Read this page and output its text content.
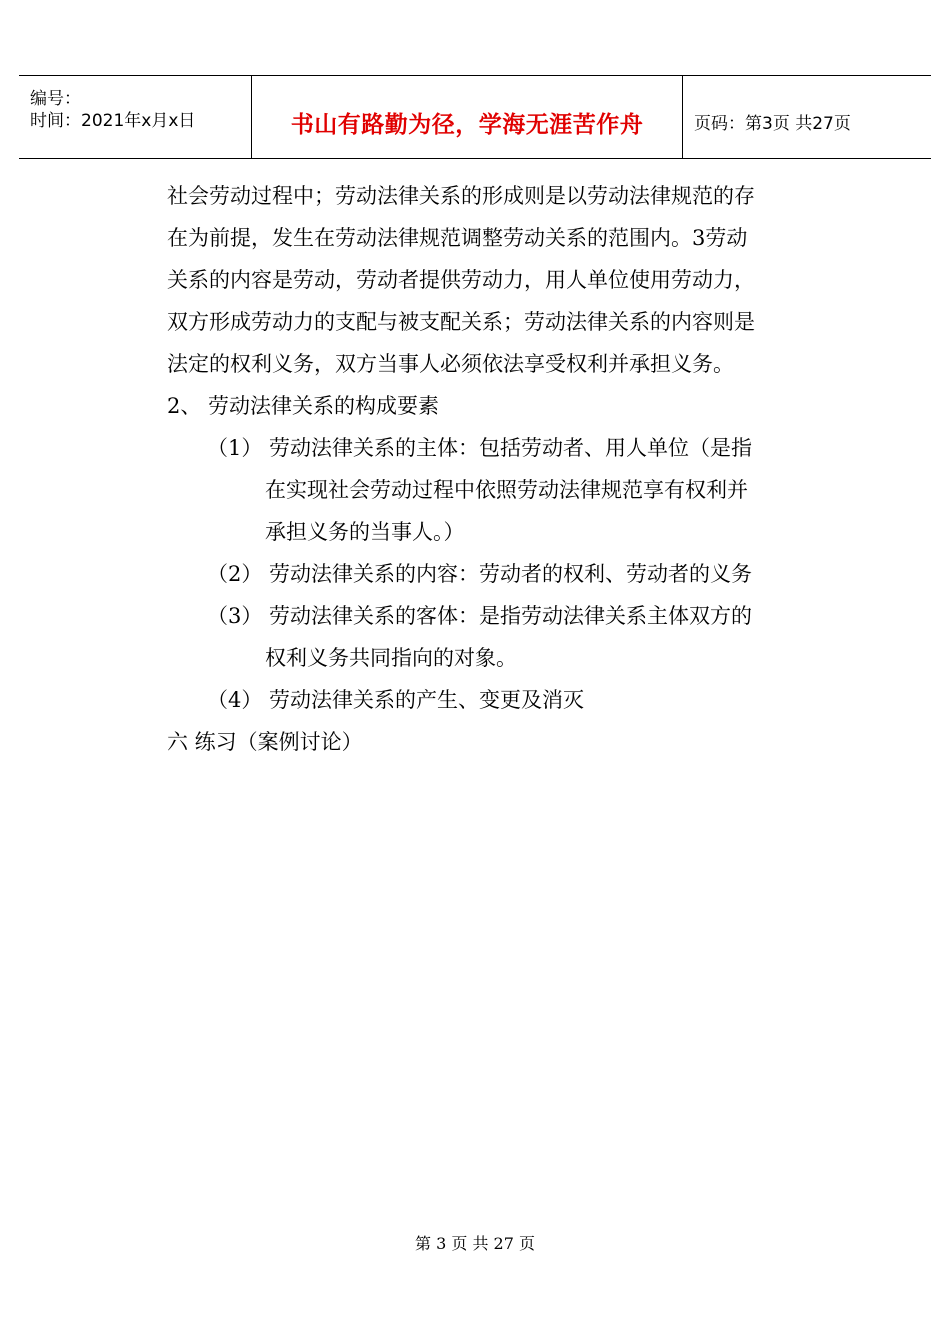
编号：
时间：2021年x月x日	书山有路勤为径，学海无涯苦作舟	页码：第3页 共27页
社会劳动过程中；劳动法律关系的形成则是以劳动法律规范的存
在为前提，发生在劳动法律规范调整劳动关系的范围内。3劳动
关系的内容是劳动，劳动者提供劳动力，用人单位使用劳动力，
双方形成劳动力的支配与被支配关系；劳动法律关系的内容则是
法定的权利义务，双方当事人必须依法享受权利并承担义务。
2、 劳动法律关系的构成要素
（1） 劳动法律关系的主体：包括劳动者、用人单位（是指
在实现社会劳动过程中依照劳动法律规范享有权利并
承担义务的当事人。）
（2） 劳动法律关系的内容：劳动者的权利、劳动者的义务
（3） 劳动法律关系的客体：是指劳动法律关系主体双方的
权利义务共同指向的对象。
（4） 劳动法律关系的产生、变更及消灭
六 练习（案例讨论）
第 3 页 共 27 页
